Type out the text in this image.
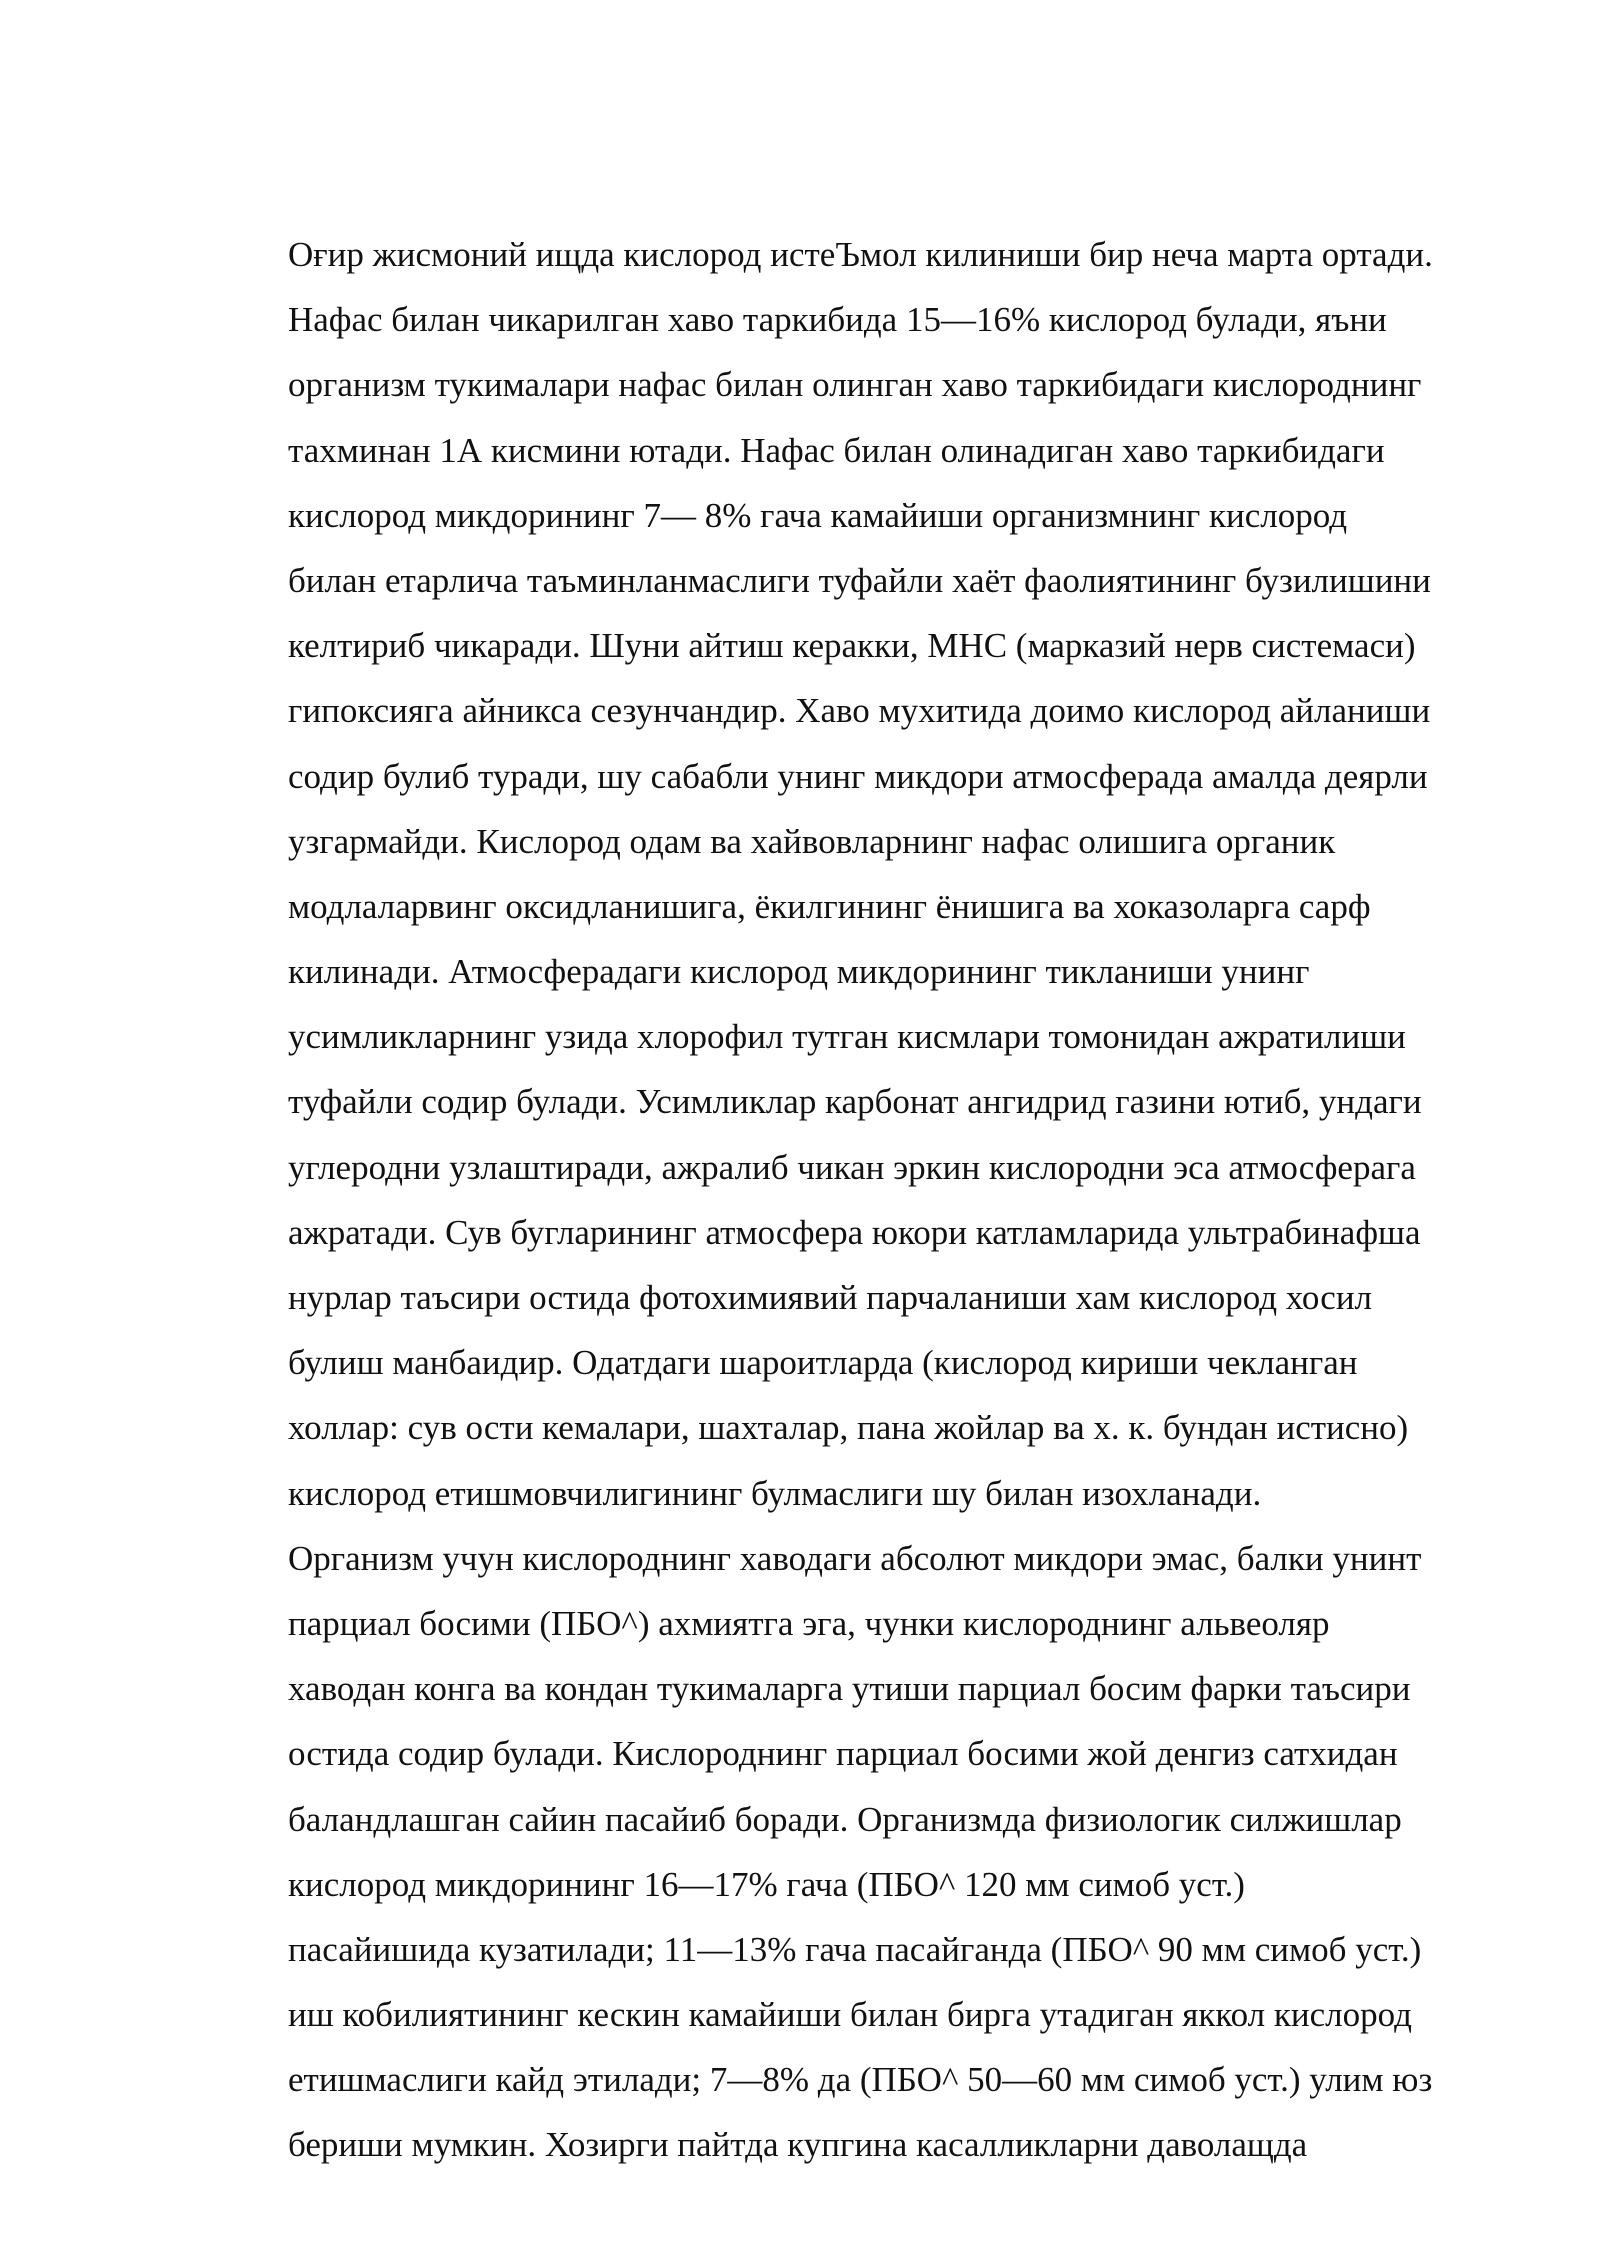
Оғир жисмоний ищда кислород истеЪмол килиниши бир неча марта ортади.
Нафас билан чикарилган хаво таркибида 15—16% кислород булади, яъни
организм тукималари нафас билан олинган хаво таркибидаги кислороднинг
тахминан 1А кисмини ютади. Нафас билан олинадиган хаво таркибидаги
кислород микдорининг 7— 8% гача камайиши организмнинг кислород
билан етарлича таъминланмаслиги туфайли хаёт фаолиятининг бузилишини
келтириб чикаради. Шуни айтиш керакки, МНС (марказий нерв системаси)
гипоксияга айникса сезунчандир. Хаво мухитида доимо кислород айланиши
содир булиб туради, шу сабабли унинг микдори атмосферада амалда деярли
узгармайди. Кислород одам ва хайвовларнинг нафас олишига органик
модлаларвинг оксидланишига, ёкилгининг ёнишига ва хоказоларга сарф
килинади. Атмосферадаги кислород микдорининг тикланиши унинг
усимликларнинг узида хлорофил тутган кисмлари томонидан ажратилиши
туфайли содир булади. Усимликлар карбонат ангидрид газини ютиб, ундаги
углеродни узлаштиради, ажралиб чикан эркин кислородни эса атмосферага
ажратади. Сув бугларининг атмосфера юкори катламларида ультрабинафша
нурлар таъсири остида фотохимиявий парчаланиши хам кислород хосил
булиш манбаидир. Одатдаги шароитларда (кислород кириши чекланган
холлар: сув ости кемалари, шахталар, пана жойлар ва х. к. бундан истисно)
кислород етишмовчилигининг булмаслиги шу билан изохланади.
Организм учун кислороднинг хаводаги абсолют микдори эмас, балки унинт
парциал босими (ПБО^) ахмиятга эга, чунки кислороднинг альвеоляр
хаводан конга ва кондан тукималарга утиши парциал босим фарки таъсири
остида содир булади. Кислороднинг парциал босими жой денгиз сатхидан
баландлашган сайин пасайиб боради. Организмда физиологик силжишлар
кислород микдорининг 16—17% гача (ПБО^ 120 мм симоб уст.)
пасайишида кузатилади; 11—13% гача пасайганда (ПБО^ 90 мм симоб уст.)
иш кобилиятининг кескин камайиши билан бирга утадиган яккол кислород
етишмаслиги кайд этилади; 7—8% да (ПБО^ 50—60 мм симоб уст.) улим юз
бериши мумкин. Хозирги пайтда купгина касалликларни даволащда
